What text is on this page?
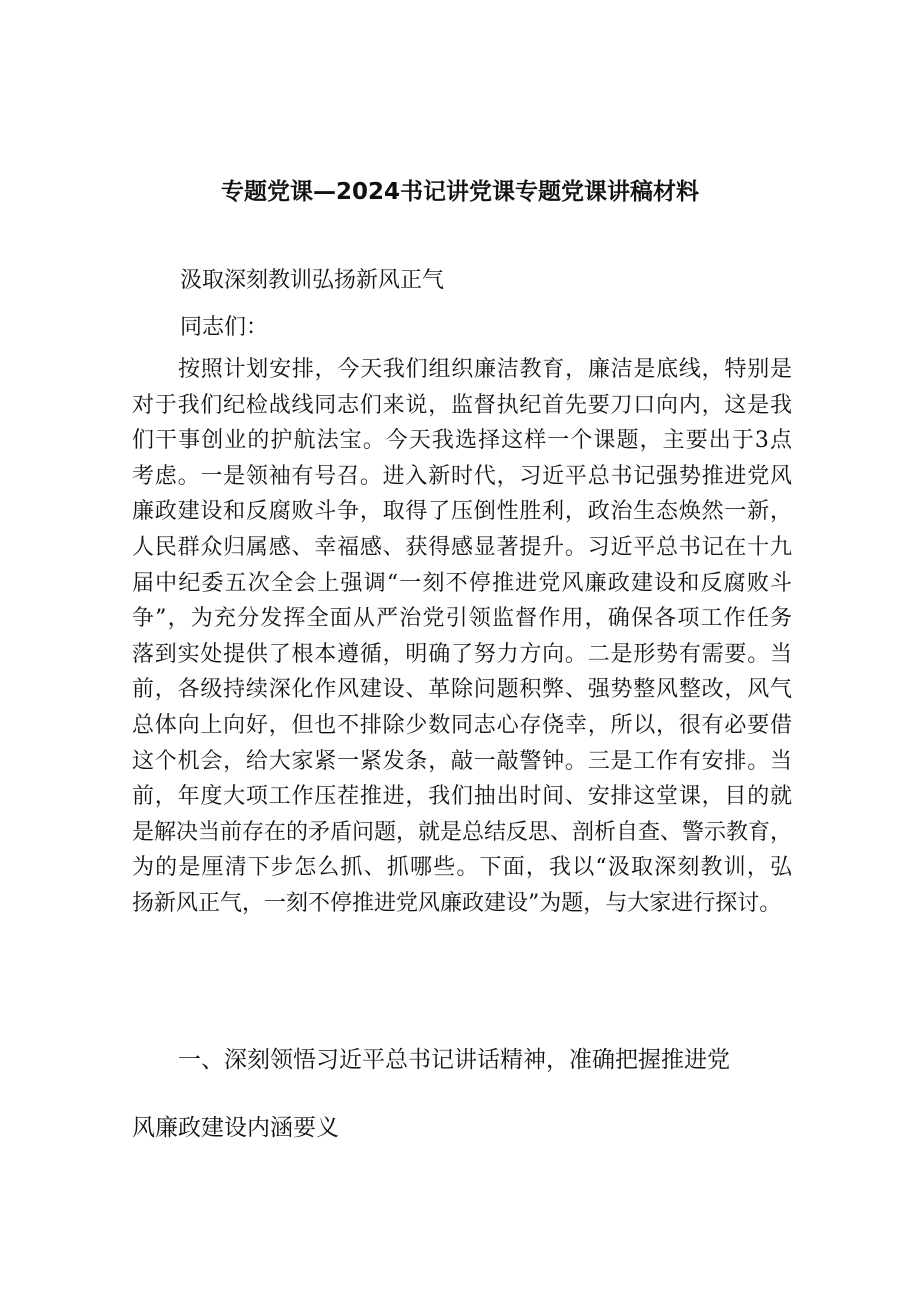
专题党课—2024书记讲党课专题党课讲稿材料
汲取深刻教训弘扬新风正气
同志们：
按照计划安排，今天我们组织廉洁教育，廉洁是底线，特别是
对于我们纪检战线同志们来说，监督执纪首先要刀口向内，这是我
们干事创业的护航法宝。今天我选择这样一个课题，主要出于3点
考虑。一是领袖有号召。进入新时代，习近平总书记强势推进党风
廉政建设和反腐败斗争，取得了压倒性胜利，政治生态焕然一新，
人民群众归属感、幸福感、获得感显著提升。习近平总书记在十九
届中纪委五次全会上强调“一刻不停推进党风廉政建设和反腐败斗
争”，为充分发挥全面从严治党引领监督作用，确保各项工作任务
落到实处提供了根本遵循，明确了努力方向。二是形势有需要。当
前，各级持续深化作风建设、革除问题积弊、强势整风整改，风气
总体向上向好，但也不排除少数同志心存侥幸，所以，很有必要借
这个机会，给大家紧一紧发条，敲一敲警钟。三是工作有安排。当
前，年度大项工作压茬推进，我们抽出时间、安排这堂课，目的就
是解决当前存在的矛盾问题，就是总结反思、剖析自查、警示教育，
为的是厘清下步怎么抓、抓哪些。下面，我以“汲取深刻教训，弘
扬新风正气，一刻不停推进党风廉政建设”为题，与大家进行探讨。
一、深刻领悟习近平总书记讲话精神，准确把握推进党
风廉政建设内涵要义
